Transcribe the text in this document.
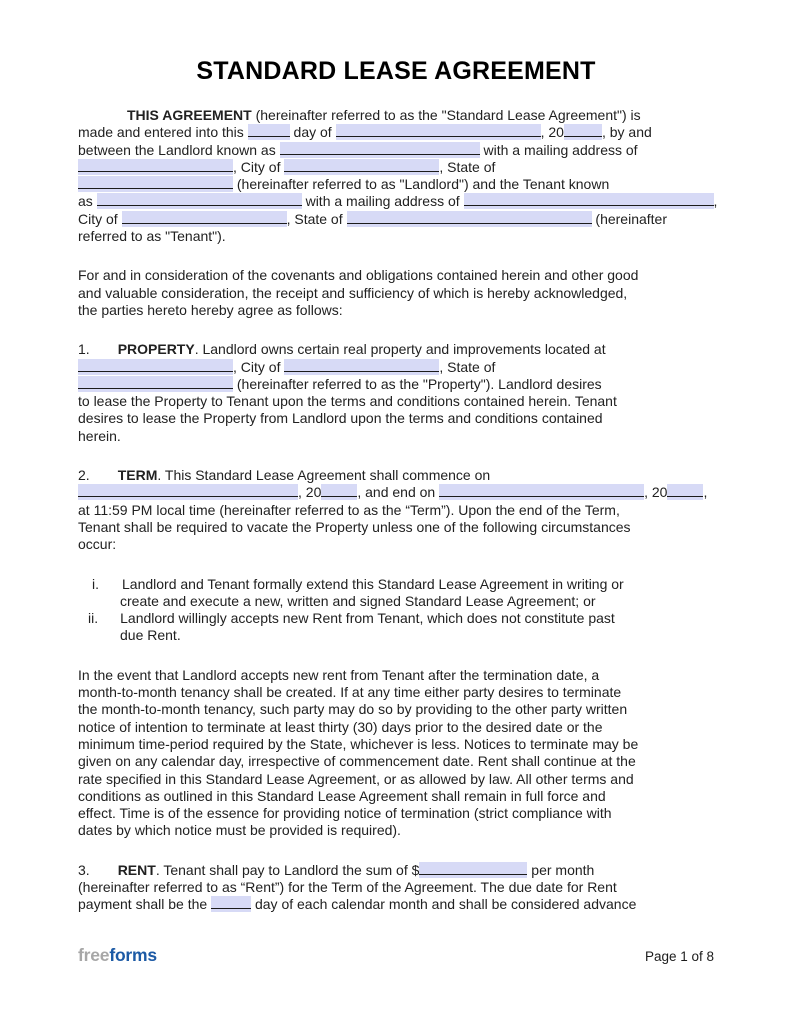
STANDARD LEASE AGREEMENT
THIS AGREEMENT (hereinafter referred to as the "Standard Lease Agreement") is
made and entered into this	day of	, 20	, by and
between the Landlord known as	with a mailing address of
, City of	, State of
(hereinafter referred to as "Landlord") and the Tenant known
as	with a mailing address of	,
City of	, State of	(hereinafter
referred to as "Tenant").
For and in consideration of the covenants and obligations contained herein and other good
and valuable consideration, the receipt and sufficiency of which is hereby acknowledged,
the parties hereto hereby agree as follows:
1. PROPERTY. Landlord owns certain real property and improvements located at
, City of	, State of
(hereinafter referred to as the "Property"). Landlord desires
to lease the Property to Tenant upon the terms and conditions contained herein. Tenant
desires to lease the Property from Landlord upon the terms and conditions contained
herein.
2. TERM. This Standard Lease Agreement shall commence on
, 20	, and end on	, 20	,
at 11:59 PM local time (hereinafter referred to as the “Term”). Upon the end of the Term,
Tenant shall be required to vacate the Property unless one of the following circumstances
occur:
i. Landlord and Tenant formally extend this Standard Lease Agreement in writing or
create and execute a new, written and signed Standard Lease Agreement; or
ii. Landlord willingly accepts new Rent from Tenant, which does not constitute past
due Rent.
In the event that Landlord accepts new rent from Tenant after the termination date, a
month-to-month tenancy shall be created. If at any time either party desires to terminate
the month-to-month tenancy, such party may do so by providing to the other party written
notice of intention to terminate at least thirty (30) days prior to the desired date or the
minimum time-period required by the State, whichever is less. Notices to terminate may be
given on any calendar day, irrespective of commencement date. Rent shall continue at the
rate specified in this Standard Lease Agreement, or as allowed by law. All other terms and
conditions as outlined in this Standard Lease Agreement shall remain in full force and
effect. Time is of the essence for providing notice of termination (strict compliance with
dates by which notice must be provided is required).
3. RENT. Tenant shall pay to Landlord the sum of $	per month
(hereinafter referred to as “Rent”) for the Term of the Agreement. The due date for Rent
payment shall be the	day of each calendar month and shall be considered advance
freeforms	Page 1 of 8
